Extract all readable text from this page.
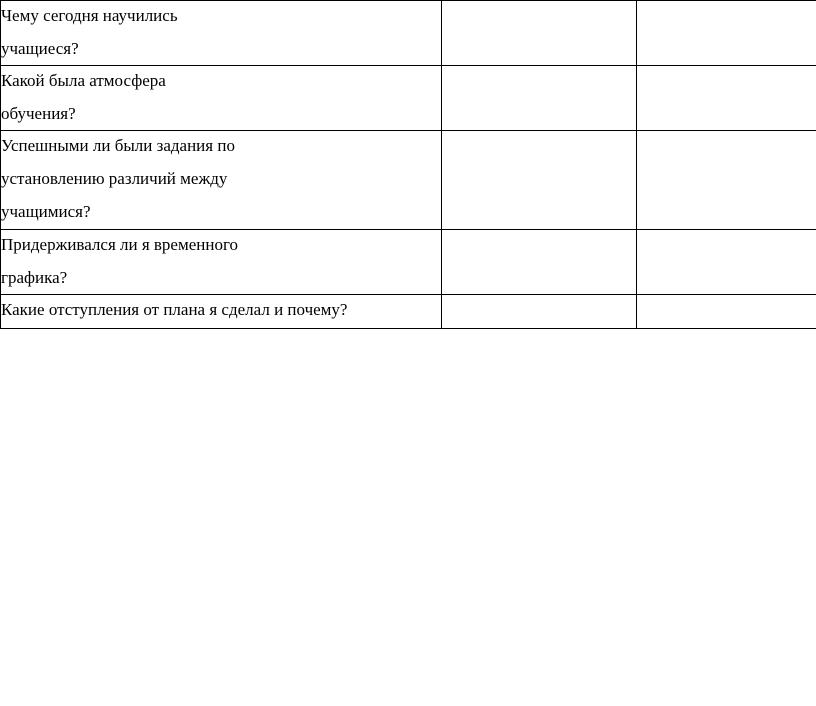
Чему сегодня научились
учащиеся?		

Какой была атмосфера
обучения?		

Успешными ли были задания по
установлению различий между
учащимися?		

Придерживался ли я временного
графика?		

Какие отступления от плана я сделал и почему?		
